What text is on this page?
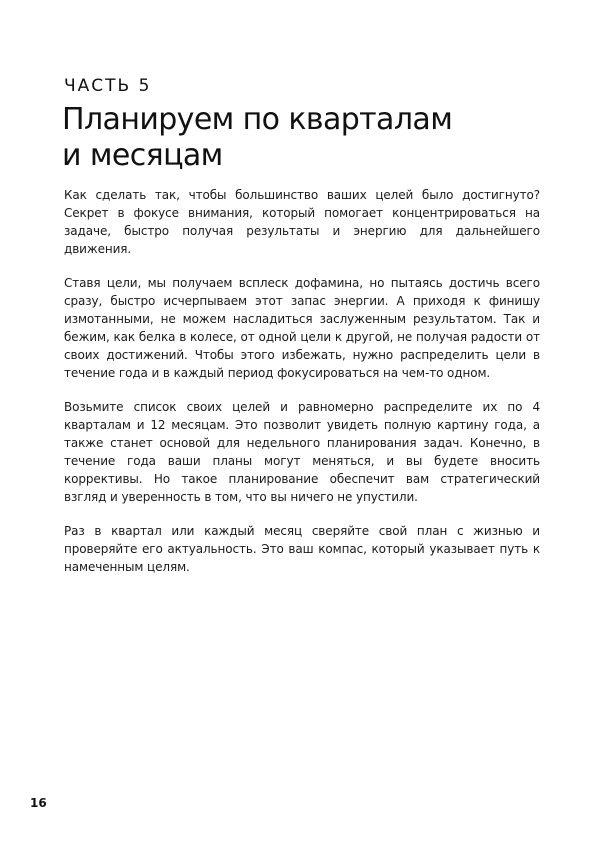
ЧАСТЬ 5
Планируем по кварталам
и месяцам

Как сделать так, чтобы большинство ваших целей было достигнуто? Секрет в фокусе внимания, который помогает концентрироваться на задаче, быстро получая результаты и энергию для дальнейшего движения.

Ставя цели, мы получаем всплеск дофамина, но пытаясь достичь всего сразу, быстро исчерпываем этот запас энергии. А приходя к финишу измотанными, не можем насладиться заслуженным результатом. Так и бежим, как белка в колесе, от одной цели к другой, не получая радости от своих достижений. Чтобы этого избежать, нужно распределить цели в течение года и в каждый период фокусироваться на чем-то одном.

Возьмите список своих целей и равномерно распределите их по 4 кварталам и 12 месяцам. Это позволит увидеть полную картину года, а также станет основой для недельного планирования задач. Конечно, в течение года ваши планы могут меняться, и вы будете вносить коррективы. Но такое планирование обеспечит вам стратегический взгляд и уверенность в том, что вы ничего не упустили.

Раз в квартал или каждый месяц сверяйте свой план с жизнью и проверяйте его актуальность. Это ваш компас, который указывает путь к намеченным целям.

16
